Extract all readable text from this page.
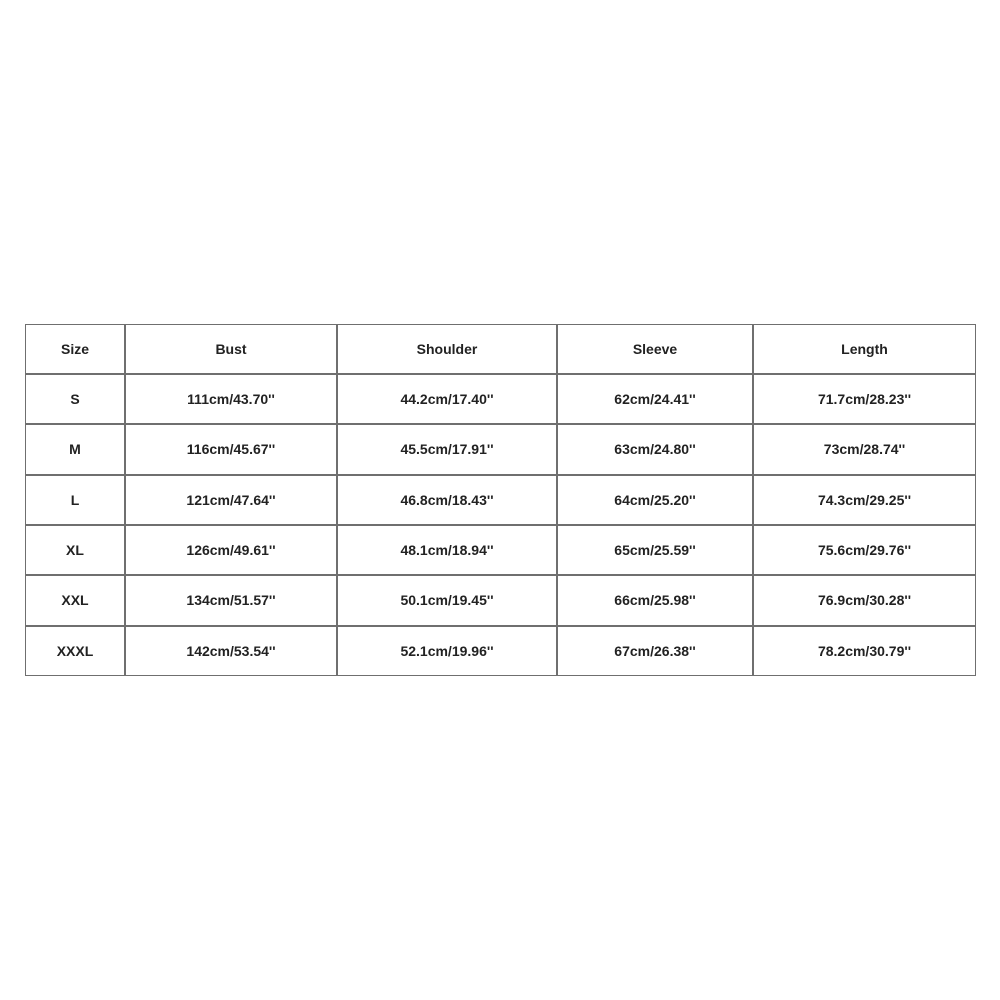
Size	Bust	Shoulder	Sleeve	Length
S	111cm/43.70''	44.2cm/17.40''	62cm/24.41''	71.7cm/28.23''
M	116cm/45.67''	45.5cm/17.91''	63cm/24.80''	73cm/28.74''
L	121cm/47.64''	46.8cm/18.43''	64cm/25.20''	74.3cm/29.25''
XL	126cm/49.61''	48.1cm/18.94''	65cm/25.59''	75.6cm/29.76''
XXL	134cm/51.57''	50.1cm/19.45''	66cm/25.98''	76.9cm/30.28''
XXXL	142cm/53.54''	52.1cm/19.96''	67cm/26.38''	78.2cm/30.79''
